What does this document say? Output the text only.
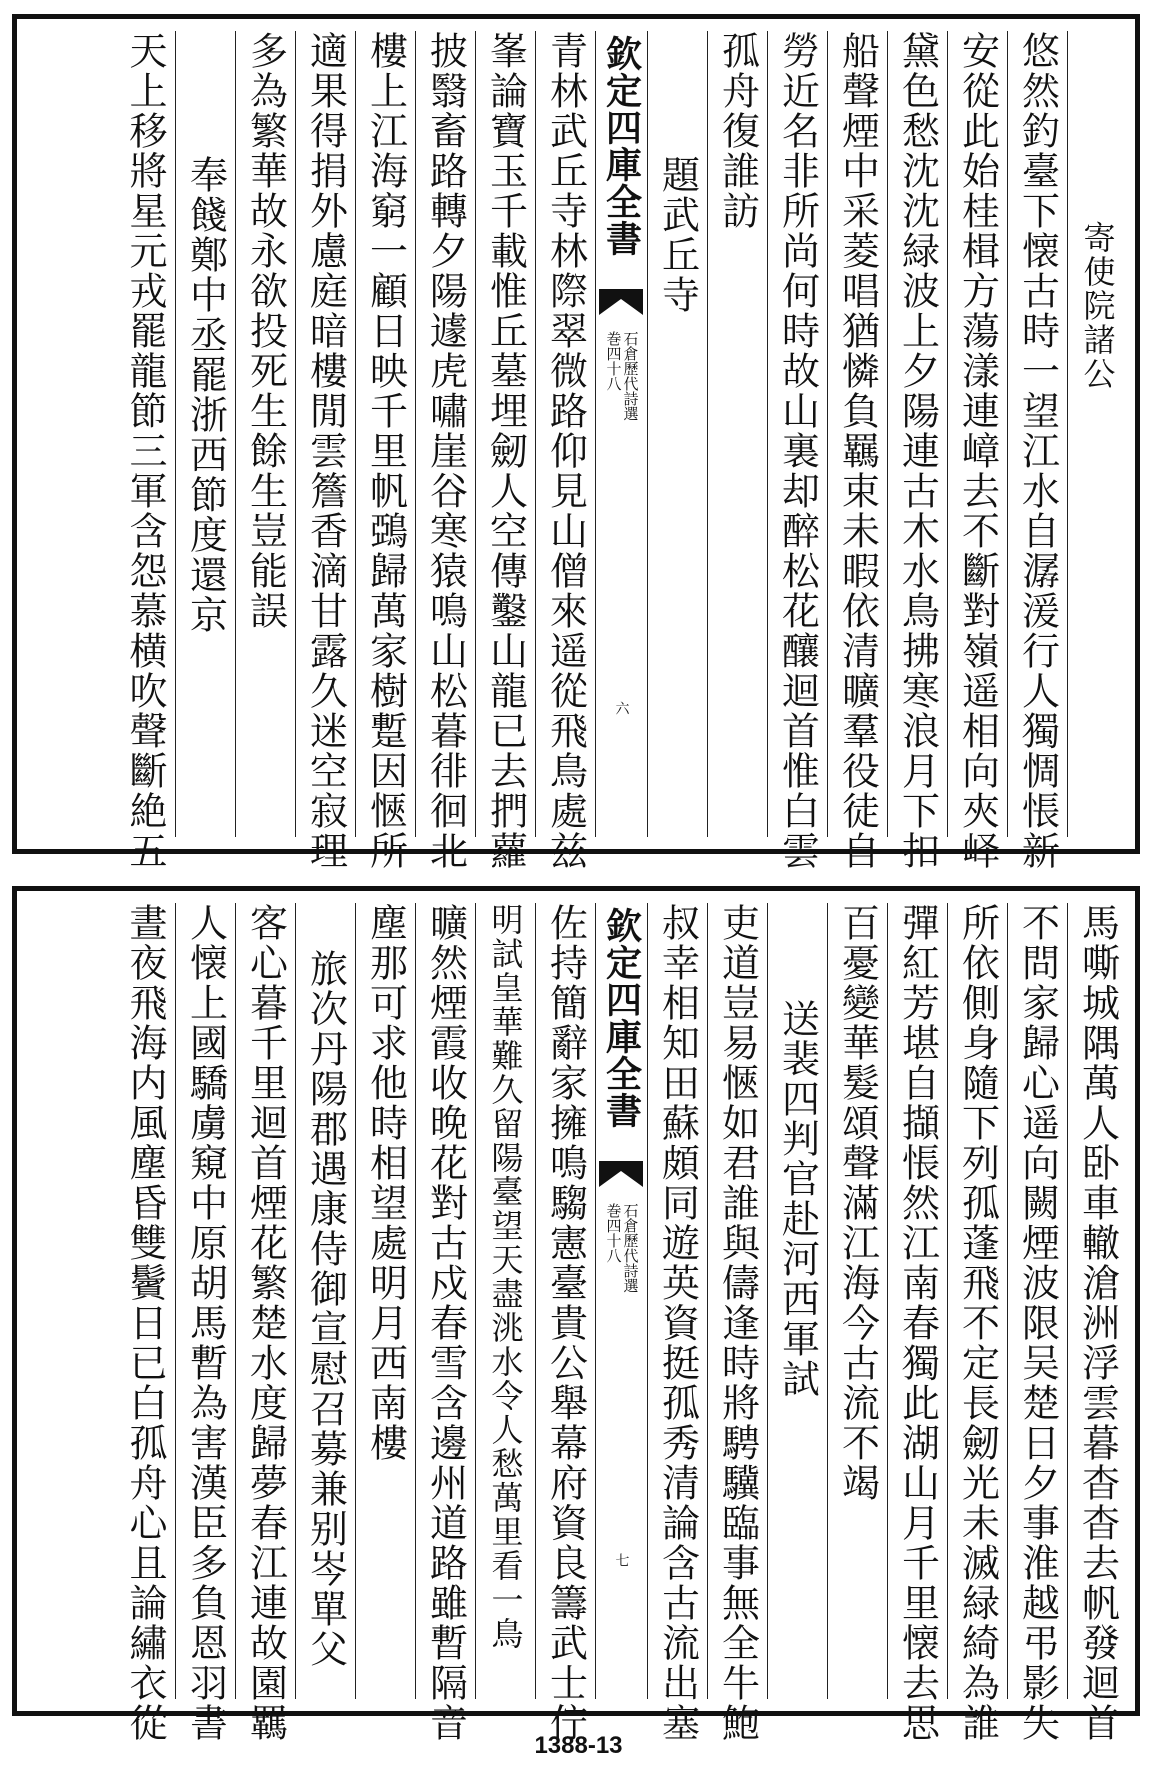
寄使院諸公
悠然釣臺下懐古時一望江水自潺湲行人獨惆悵新
安從此始桂楫方蕩漾連嶂去不斷對嶺遥相向夾峄
黛色愁沈沈緑波上夕陽連古木水鳥拂寒浪月下扣
船聲煙中采菱唱猶憐負羈束未暇依清曠羣役徒自
勞近名非所尚何時故山裏却醉松花釀迴首惟白雲
孤舟復誰訪
題武丘寺
欽定四庫全書
石倉歷代詩選
巻四十八
六
青林武丘寺林際翠微路仰見山僧來遥從飛鳥處兹
峯論寶玉千載惟丘墓埋劒人空傳鑿山龍已去捫蘿
披翳畜路轉夕陽遽虎嘯崖谷寒猿鳴山松暮徘徊北
樓上江海窮一顧日映千里帆鵶歸萬家樹蹔因愜所
適果得捐外慮庭暗樓閒雲簷香滴甘露久迷空寂理
多為繁華故永欲投死生餘生豈能誤
奉餞鄭中丞罷浙西節度還京
天上移將星元戎罷龍節三軍含怨慕横吹聲斷絶五
馬嘶城隅萬人卧車轍滄洲浮雲暮杳杳去帆發迴首
不問家歸心遥向闕煙波限吴楚日夕事淮越弔影失
所依側身隨下列孤蓬飛不定長劒光未滅緑綺為誰
彈紅芳堪自擷悵然江南春獨此湖山月千里懐去思
百憂變華髮頌聲滿江海今古流不竭
送裴四判官赴河西軍試
吏道豈易愜如君誰與儔逢時將騁驥臨事無全牛鮑
叔幸相知田蘇頗同遊英資挺孤秀清論含古流出塞
欽定四庫全書
石倉歷代詩選
巻四十八
七
佐持簡辭家擁鳴騶憲臺貴公舉幕府資良籌武士佇
明試皇華難久留陽臺望天盡洮水令人愁萬里看一鳥
曠然煙霞收晚花對古戍春雪含邊州道路雖暫隔音
塵那可求他時相望處明月西南樓
旅次丹陽郡遇康侍御宣慰召募兼别岑單父
客心暮千里迴首煙花繁楚水度歸夢春江連故園羈
人懐上國驕虜窺中原胡馬暫為害漢臣多負恩羽書
晝夜飛海内風塵昏雙鬢日已白孤舟心且論繡衣從
1388-13
